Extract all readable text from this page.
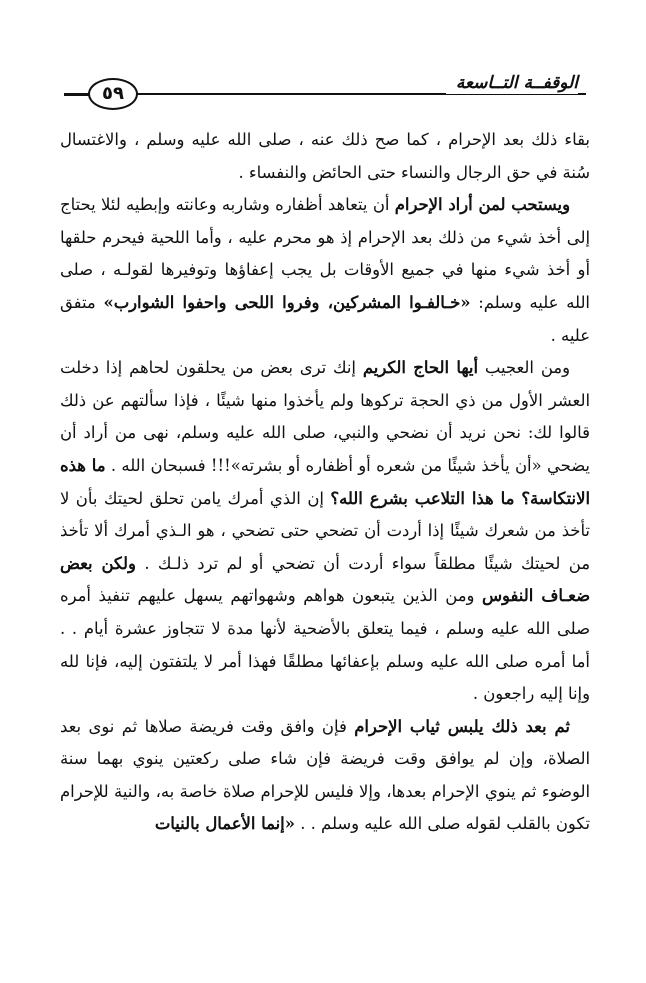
٥٩	الوقفــة التــاسعة

بقاء ذلك بعد الإحرام ، كما صح ذلك عنه ، صلى الله عليه وسلم ، والاغتسال سُنة في حق الرجال والنساء حتى الحائض والنفساء .

ويستحب لمن أراد الإحرام أن يتعاهد أظفاره وشاربه وعانته وإبطيه لئلا يحتاج إلى أخذ شيء من ذلك بعد الإحرام إذ هو محرم عليه ، وأما اللحية فيحرم حلقها أو أخذ شيء منها في جميع الأوقات بل يجب إعفاؤها وتوفيرها لقولـه ، صلى الله عليه وسلم: «خـالفـوا المشركين، وفروا اللحى واحفوا الشوارب» متفق عليه .

ومن العجيب أيها الحاج الكريم إنك ترى بعض من يحلقون لحاهم إذا دخلت العشر الأول من ذي الحجة تركوها ولم يأخذوا منها شيئًا ، فإذا سألتهم عن ذلك قالوا لك: نحن نريد أن نضحي والنبي، صلى الله عليه وسلم، نهى من أراد أن يضحي «أن يأخذ شيئًا من شعره أو أظفاره أو بشرته»!!! فسبحان الله . ما هذه الانتكاسة؟ ما هذا التلاعب بشرع الله؟ إن الذي أمرك يامن تحلق لحيتك بأن لا تأخذ من شعرك شيئًا إذا أردت أن تضحي حتى تضحي ، هو الـذي أمرك ألا تأخذ من لحيتك شيئًا مطلقاً سواء أردت أن تضحي أو لم ترد ذلـك . ولكن بعض ضعـاف النفوس ومن الذين يتبعون هواهم وشهواتهم يسهل عليهم تنفيذ أمره صلى الله عليه وسلم ، فيما يتعلق بالأضحية لأنها مدة لا تتجاوز عشرة أيام . . أما أمره صلى الله عليه وسلم بإعفائها مطلقًا فهذا أمر لا يلتفتون إليه، فإنا لله وإنا إليه راجعون .

ثم بعد ذلك يلبس ثياب الإحرام فإن وافق وقت فريضة صلاها ثم نوى بعد الصلاة، وإن لم يوافق وقت فريضة فإن شاء صلى ركعتين ينوي بهما سنة الوضوء ثم ينوي الإحرام بعدها، وإلا فليس للإحرام صلاة خاصة به، والنية للإحرام تكون بالقلب لقوله صلى الله عليه وسلم . . «إنما الأعمال بالنيات
